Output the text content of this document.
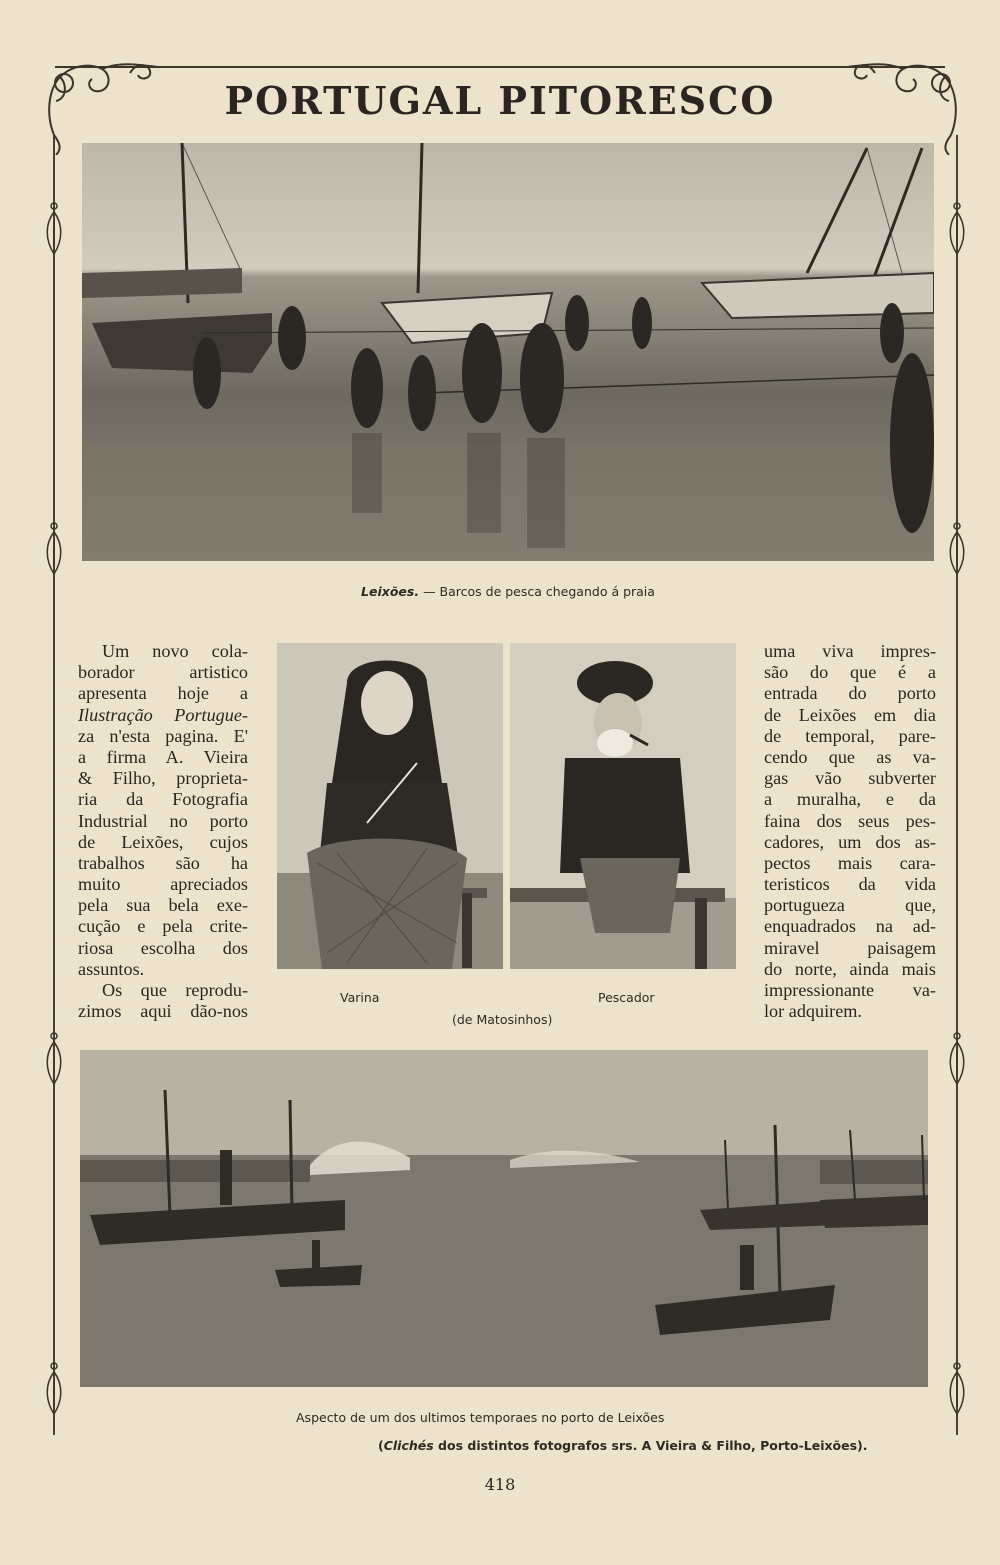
PORTUGAL PITORESCO
Leixões. — Barcos de pesca chegando á praia
Um novo cola-
borador artistico
apresenta hoje a
Ilustração Portugue-
za n'esta pagina. E'
a firma A. Vieira
& Filho, proprieta-
ria da Fotografia
Industrial no porto
de Leixões, cujos
trabalhos são ha
muito apreciados
pela sua bela exe-
cução e pela crite-
riosa escolha dos
assuntos.
Os que reprodu-
zimos aqui dão-nos
Varina	Pescador
(de Matosinhos)
uma viva impres-
são do que é a
entrada do porto
de Leixões em dia
de temporal, pare-
cendo que as va-
gas vão subverter
a muralha, e da
faina dos seus pes-
cadores, um dos as-
pectos mais cara-
teristicos da vida
portugueza que,
enquadrados na ad-
miravel paisagem
do norte, ainda mais
impressionante va-
lor adquirem.
Aspecto de um dos ultimos temporaes no porto de Leixões
(Clichés dos distintos fotografos srs. A Vieira & Filho, Porto-Leixões).
418
